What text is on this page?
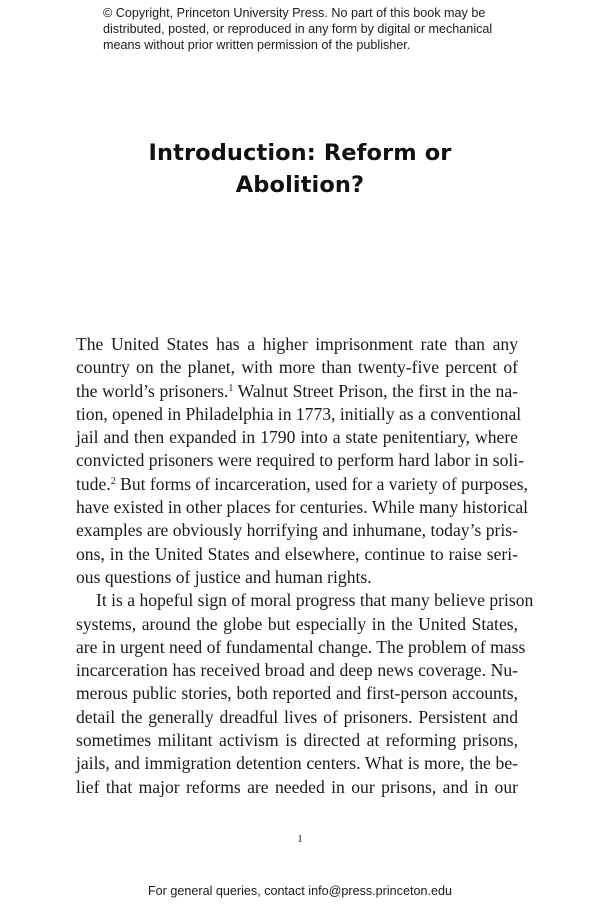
© Copyright, Princeton University Press. No part of this book may be
distributed, posted, or reproduced in any form by digital or mechanical
means without prior written permission of the publisher.
Introduction: Reform or
Abolition?
The United States has a higher imprisonment rate than any
country on the planet, with more than twenty-five percent of
the world’s prisoners.$^1$ Walnut Street Prison, the first in the na-
tion, opened in Philadelphia in 1773, initially as a conventional
jail and then expanded in 1790 into a state penitentiary, where
convicted prisoners were required to perform hard labor in soli-
tude.$^2$ But forms of incarceration, used for a variety of purposes,
have existed in other places for centuries. While many historical
examples are obviously horrifying and inhumane, today’s pris-
ons, in the United States and elsewhere, continue to raise seri-
ous questions of justice and human rights.
It is a hopeful sign of moral progress that many believe prison
systems, around the globe but especially in the United States,
are in urgent need of fundamental change. The problem of mass
incarceration has received broad and deep news coverage. Nu-
merous public stories, both reported and first-person accounts,
detail the generally dreadful lives of prisoners. Persistent and
sometimes militant activism is directed at reforming prisons,
jails, and immigration detention centers. What is more, the be-
lief that major reforms are needed in our prisons, and in our
1
For general queries, contact info@press.princeton.edu
